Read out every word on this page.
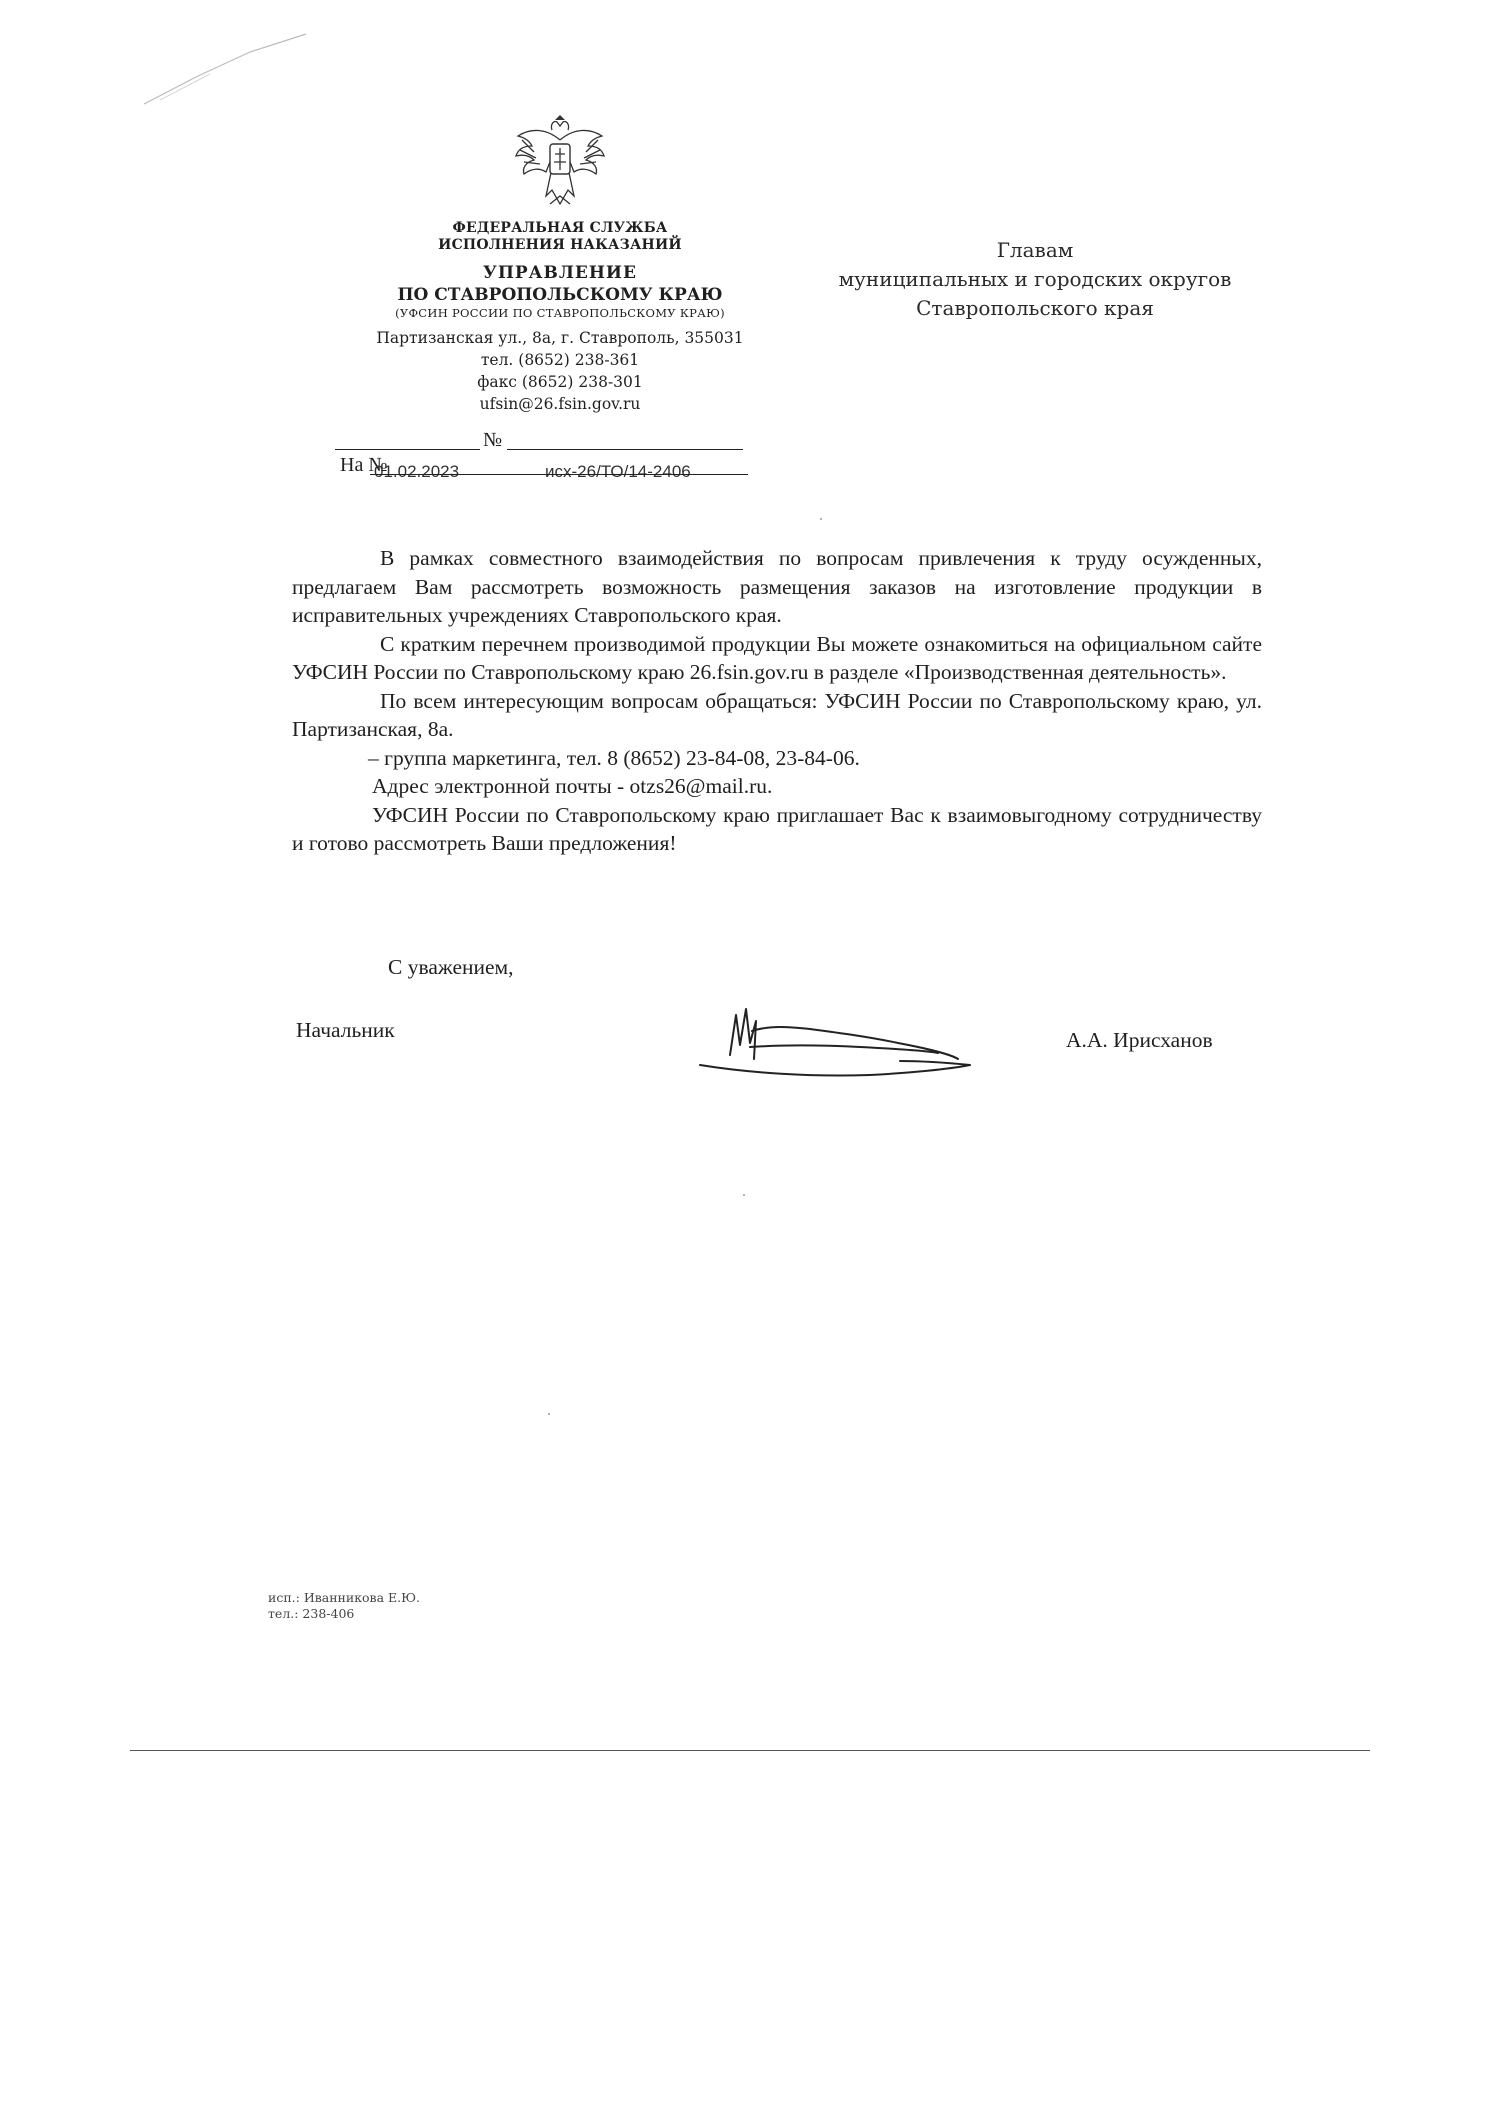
ФЕДЕРАЛЬНАЯ СЛУЖБА
ИСПОЛНЕНИЯ НАКАЗАНИЙ
УПРАВЛЕНИЕ
ПО СТАВРОПОЛЬСКОМУ КРАЮ
(УФСИН РОССИИ ПО СТАВРОПОЛЬСКОМУ КРАЮ)
Партизанская ул., 8а, г. Ставрополь, 355031
тел. (8652) 238-361
факс (8652) 238-301
ufsin@26.fsin.gov.ru
№
На №
01.02.2023	исх-26/ТО/14-2406
Главам
муниципальных и городских округов
Ставропольского края

В рамках совместного взаимодействия по вопросам привлечения к труду осужденных, предлагаем Вам рассмотреть возможность размещения заказов на изготовление продукции в исправительных учреждениях Ставропольского края.

С кратким перечнем производимой продукции Вы можете ознакомиться на официальном сайте УФСИН России по Ставропольскому краю 26.fsin.gov.ru в разделе «Производственная деятельность».

По всем интересующим вопросам обращаться: УФСИН России по Ставропольскому краю, ул. Партизанская, 8а.

– группа маркетинга, тел. 8 (8652) 23-84-08, 23-84-06.

Адрес электронной почты - otzs26@mail.ru.

УФСИН России по Ставропольскому краю приглашает Вас к взаимовыгодному сотрудничеству и готово рассмотреть Ваши предложения!

С уважением,
Начальник	А.А. Ирисханов
исп.: Иванникова Е.Ю.
тел.: 238-406
